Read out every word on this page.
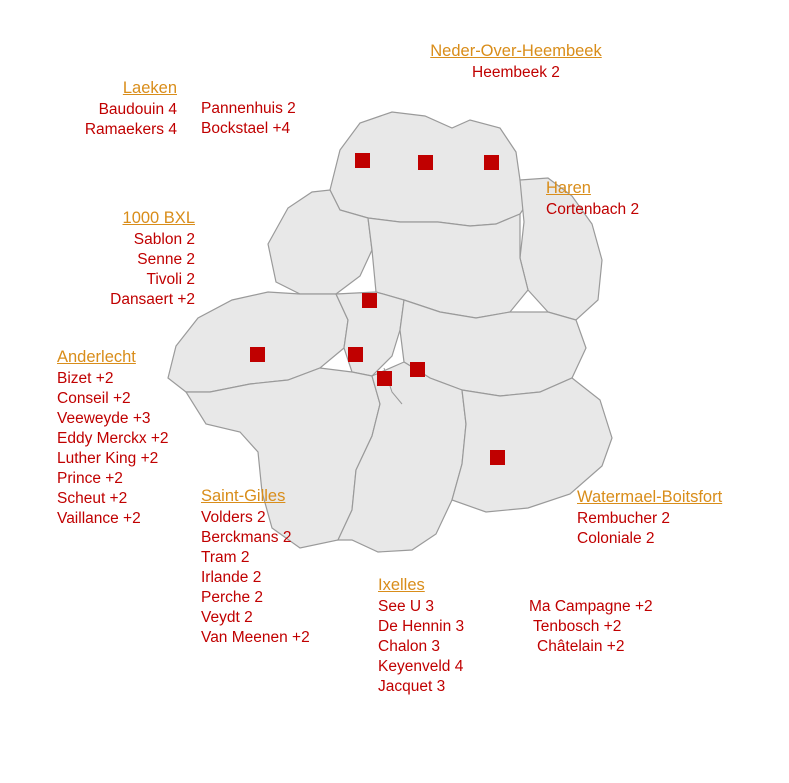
Neder-Over-Heembeek
Heembeek 2
Laeken
Baudouin 4
Ramaekers 4
Pannenhuis 2
Bockstael +4
Haren
Cortenbach 2
1000 BXL
Sablon 2
Senne 2
Tivoli 2
Dansaert +2
Anderlecht
Bizet +2
Conseil +2
Veeweyde +3
Eddy Merckx +2
Luther King +2
Prince +2
Scheut +2
Vaillance +2
Saint-Gilles
Volders 2
Berckmans 2
Tram 2
Irlande 2
Perche 2
Veydt 2
Van Meenen +2
Watermael-Boitsfort
Rembucher 2
Coloniale 2
Ixelles
See U 3
De Hennin 3
Chalon 3
Keyenveld 4
Jacquet 3
Ma Campagne +2
Tenbosch +2
Châtelain +2
